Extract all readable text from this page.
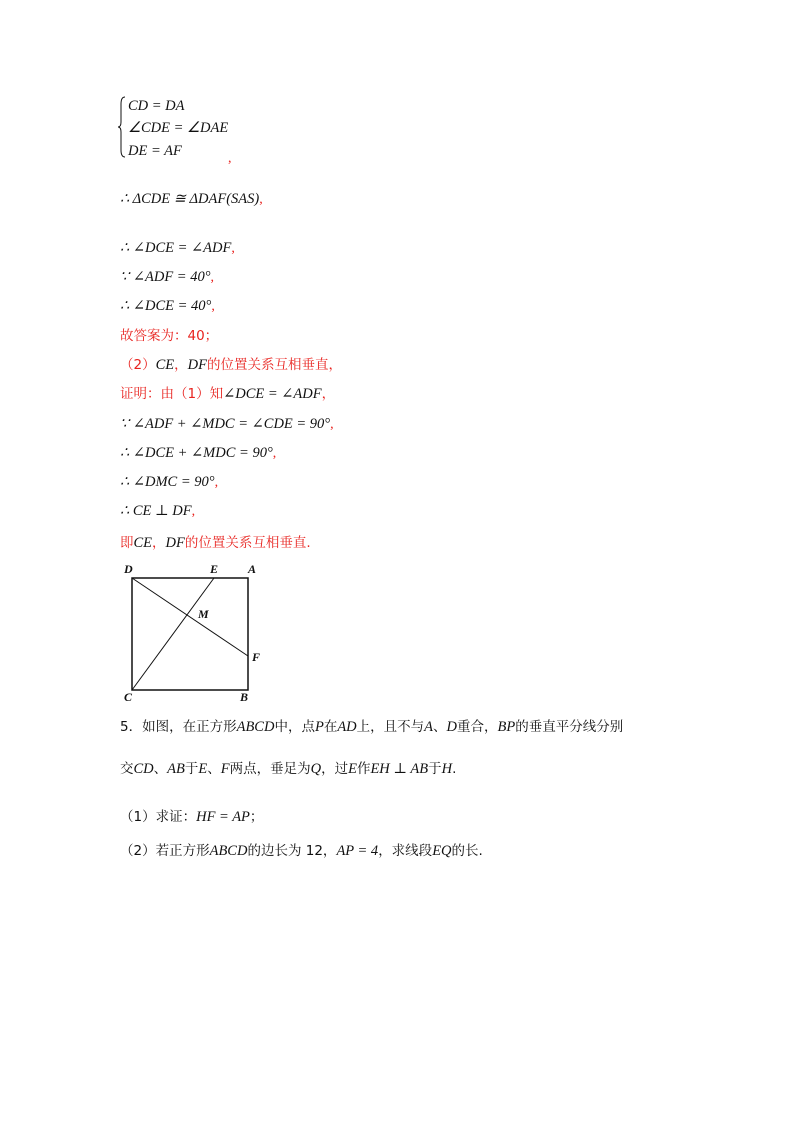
CD = DA
∠CDE = ∠DAE
DE = AF	,
∴ ΔCDE ≅ ΔDAF(SAS),
∴ ∠DCE = ∠ADF,
∵ ∠ADF = 40°,
∴ ∠DCE = 40°,
故答案为：40；
（2）CE，DF的位置关系互相垂直，
证明：由（1）知∠DCE = ∠ADF，
∵ ∠ADF + ∠MDC = ∠CDE = 90°,
∴ ∠DCE + ∠MDC = 90°,
∴ ∠DMC = 90°,
∴ CE ⊥ DF,
即CE，DF的位置关系互相垂直.
D	E A
M
F
C	B
5．如图，在正方形ABCD中，点P在AD上，且不与A、D重合，BP的垂直平分线分别
交CD、AB于E、F两点，垂足为Q，过E作EH ⊥ AB于H.
（1）求证：HF = AP；
（2）若正方形ABCD的边长为 12，AP = 4，求线段EQ的长.
